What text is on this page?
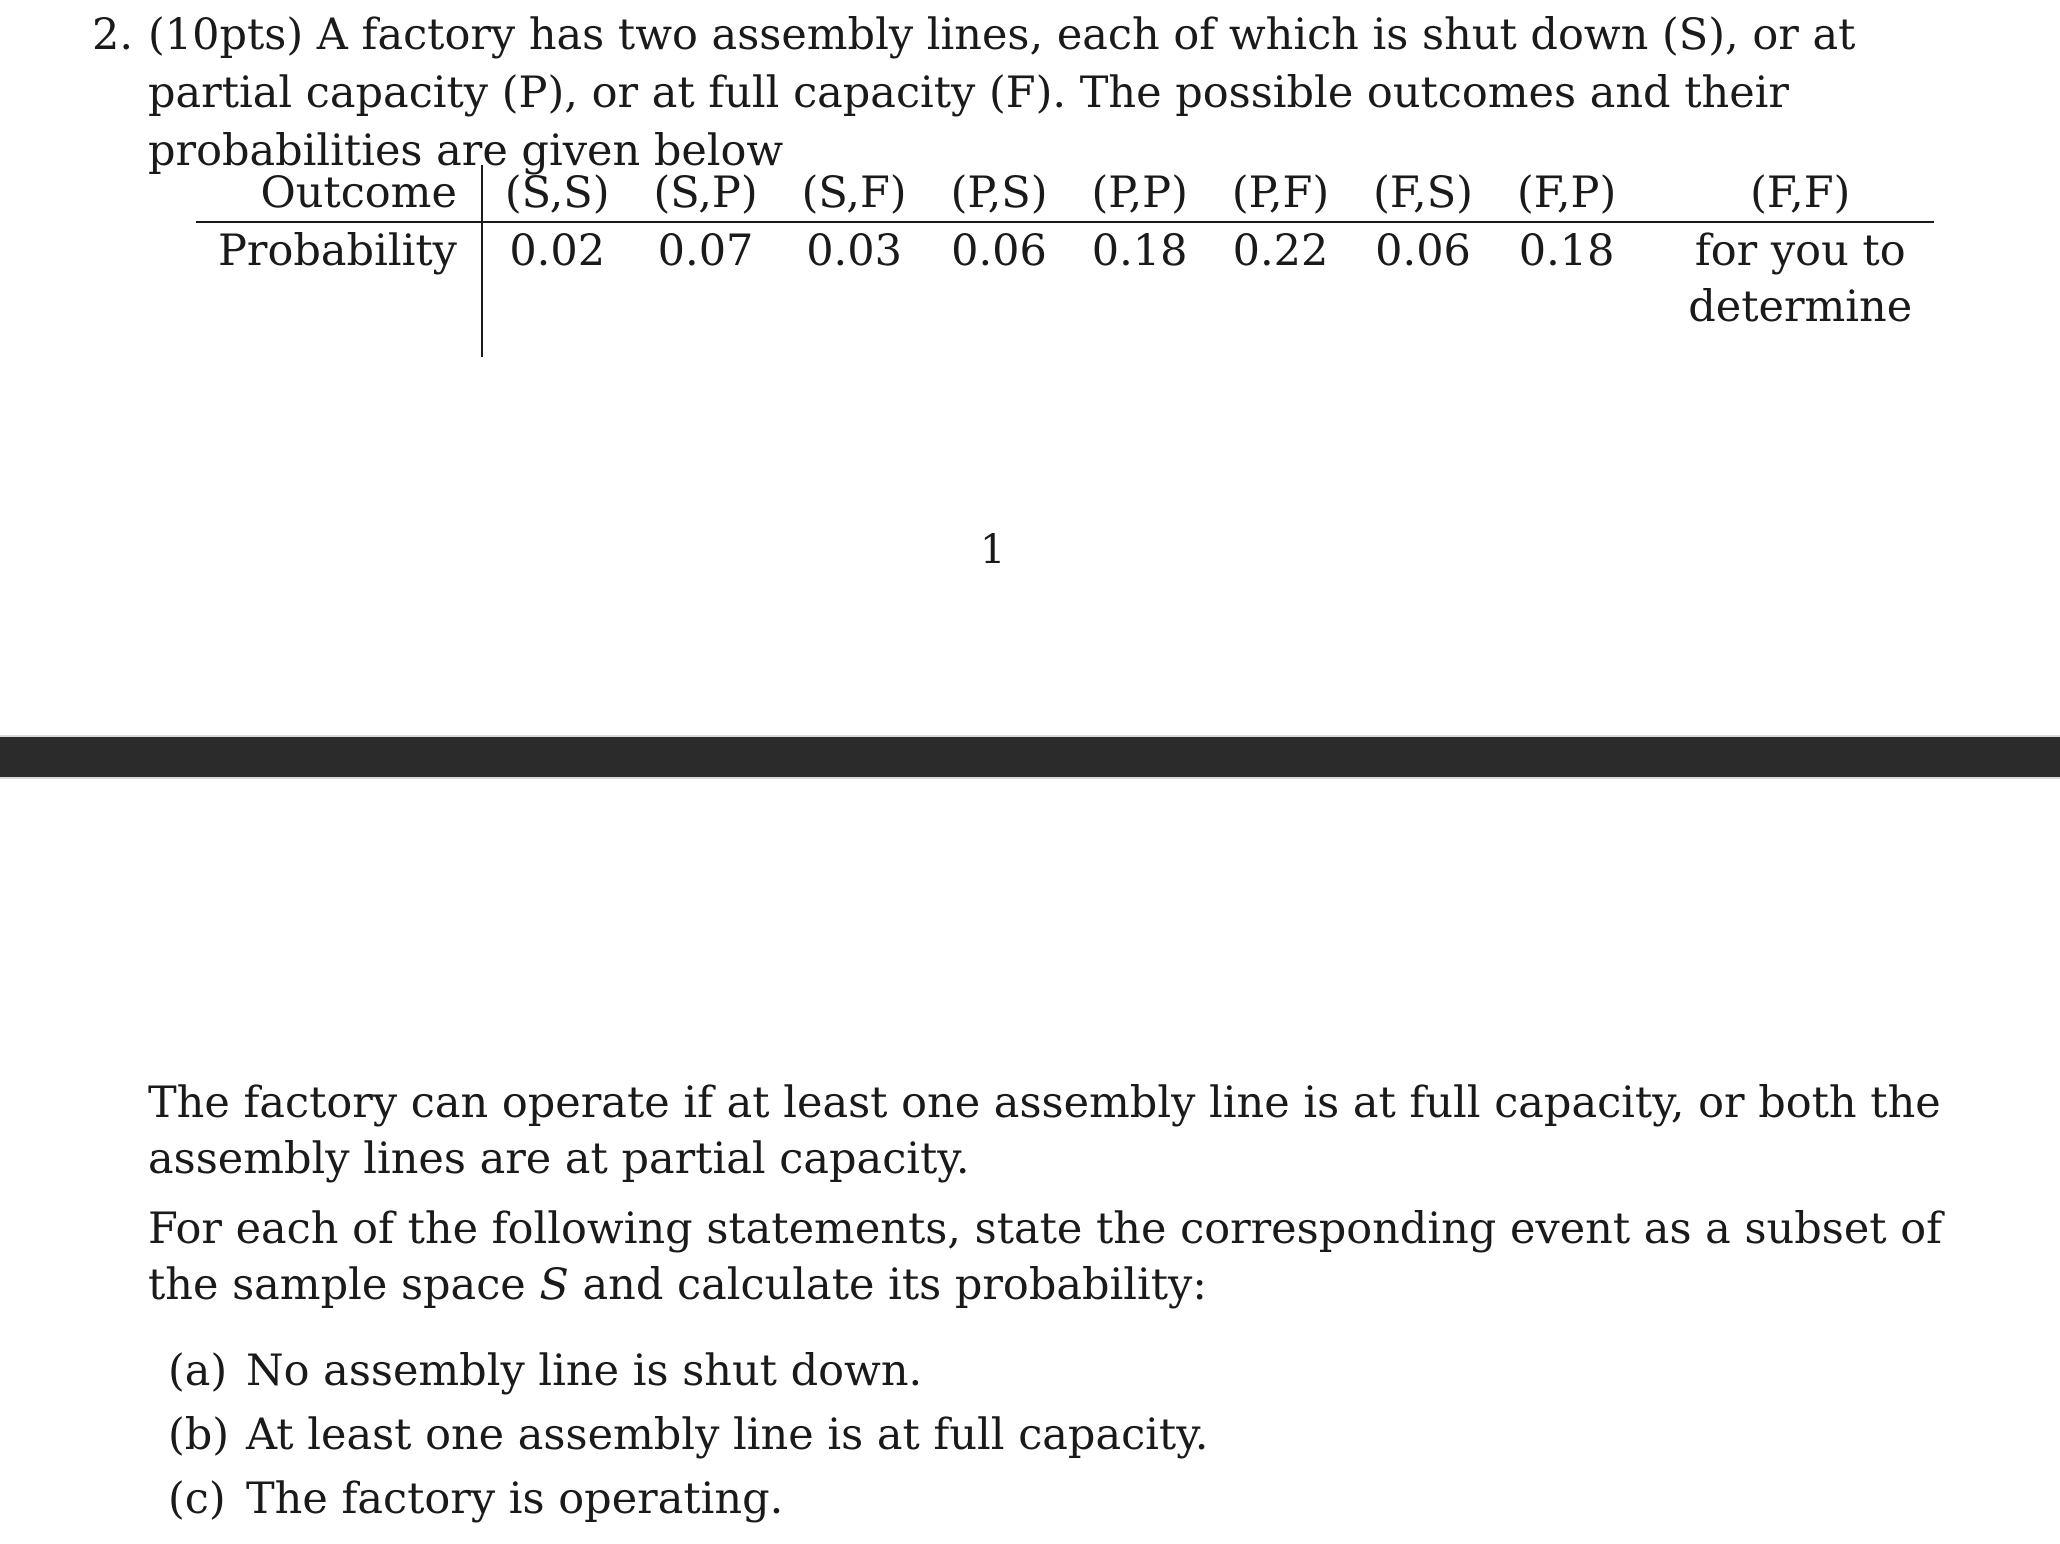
2. (10pts) A factory has two assembly lines, each of which is shut down (S), or at partial capacity (P), or at full capacity (F). The possible outcomes and their probabilities are given below
Outcome	(S,S)	(S,P)	(S,F)	(P,S)	(P,P)	(P,F)	(F,S)	(F,P)	(F,F)
Probability	0.02	0.07	0.03	0.06	0.18	0.22	0.06	0.18	for you to determine

1
The factory can operate if at least one assembly line is at full capacity, or both the assembly lines are at partial capacity.
For each of the following statements, state the corresponding event as a subset of the sample space S and calculate its probability:
(a) No assembly line is shut down.
(b) At least one assembly line is at full capacity.
(c) The factory is operating.
